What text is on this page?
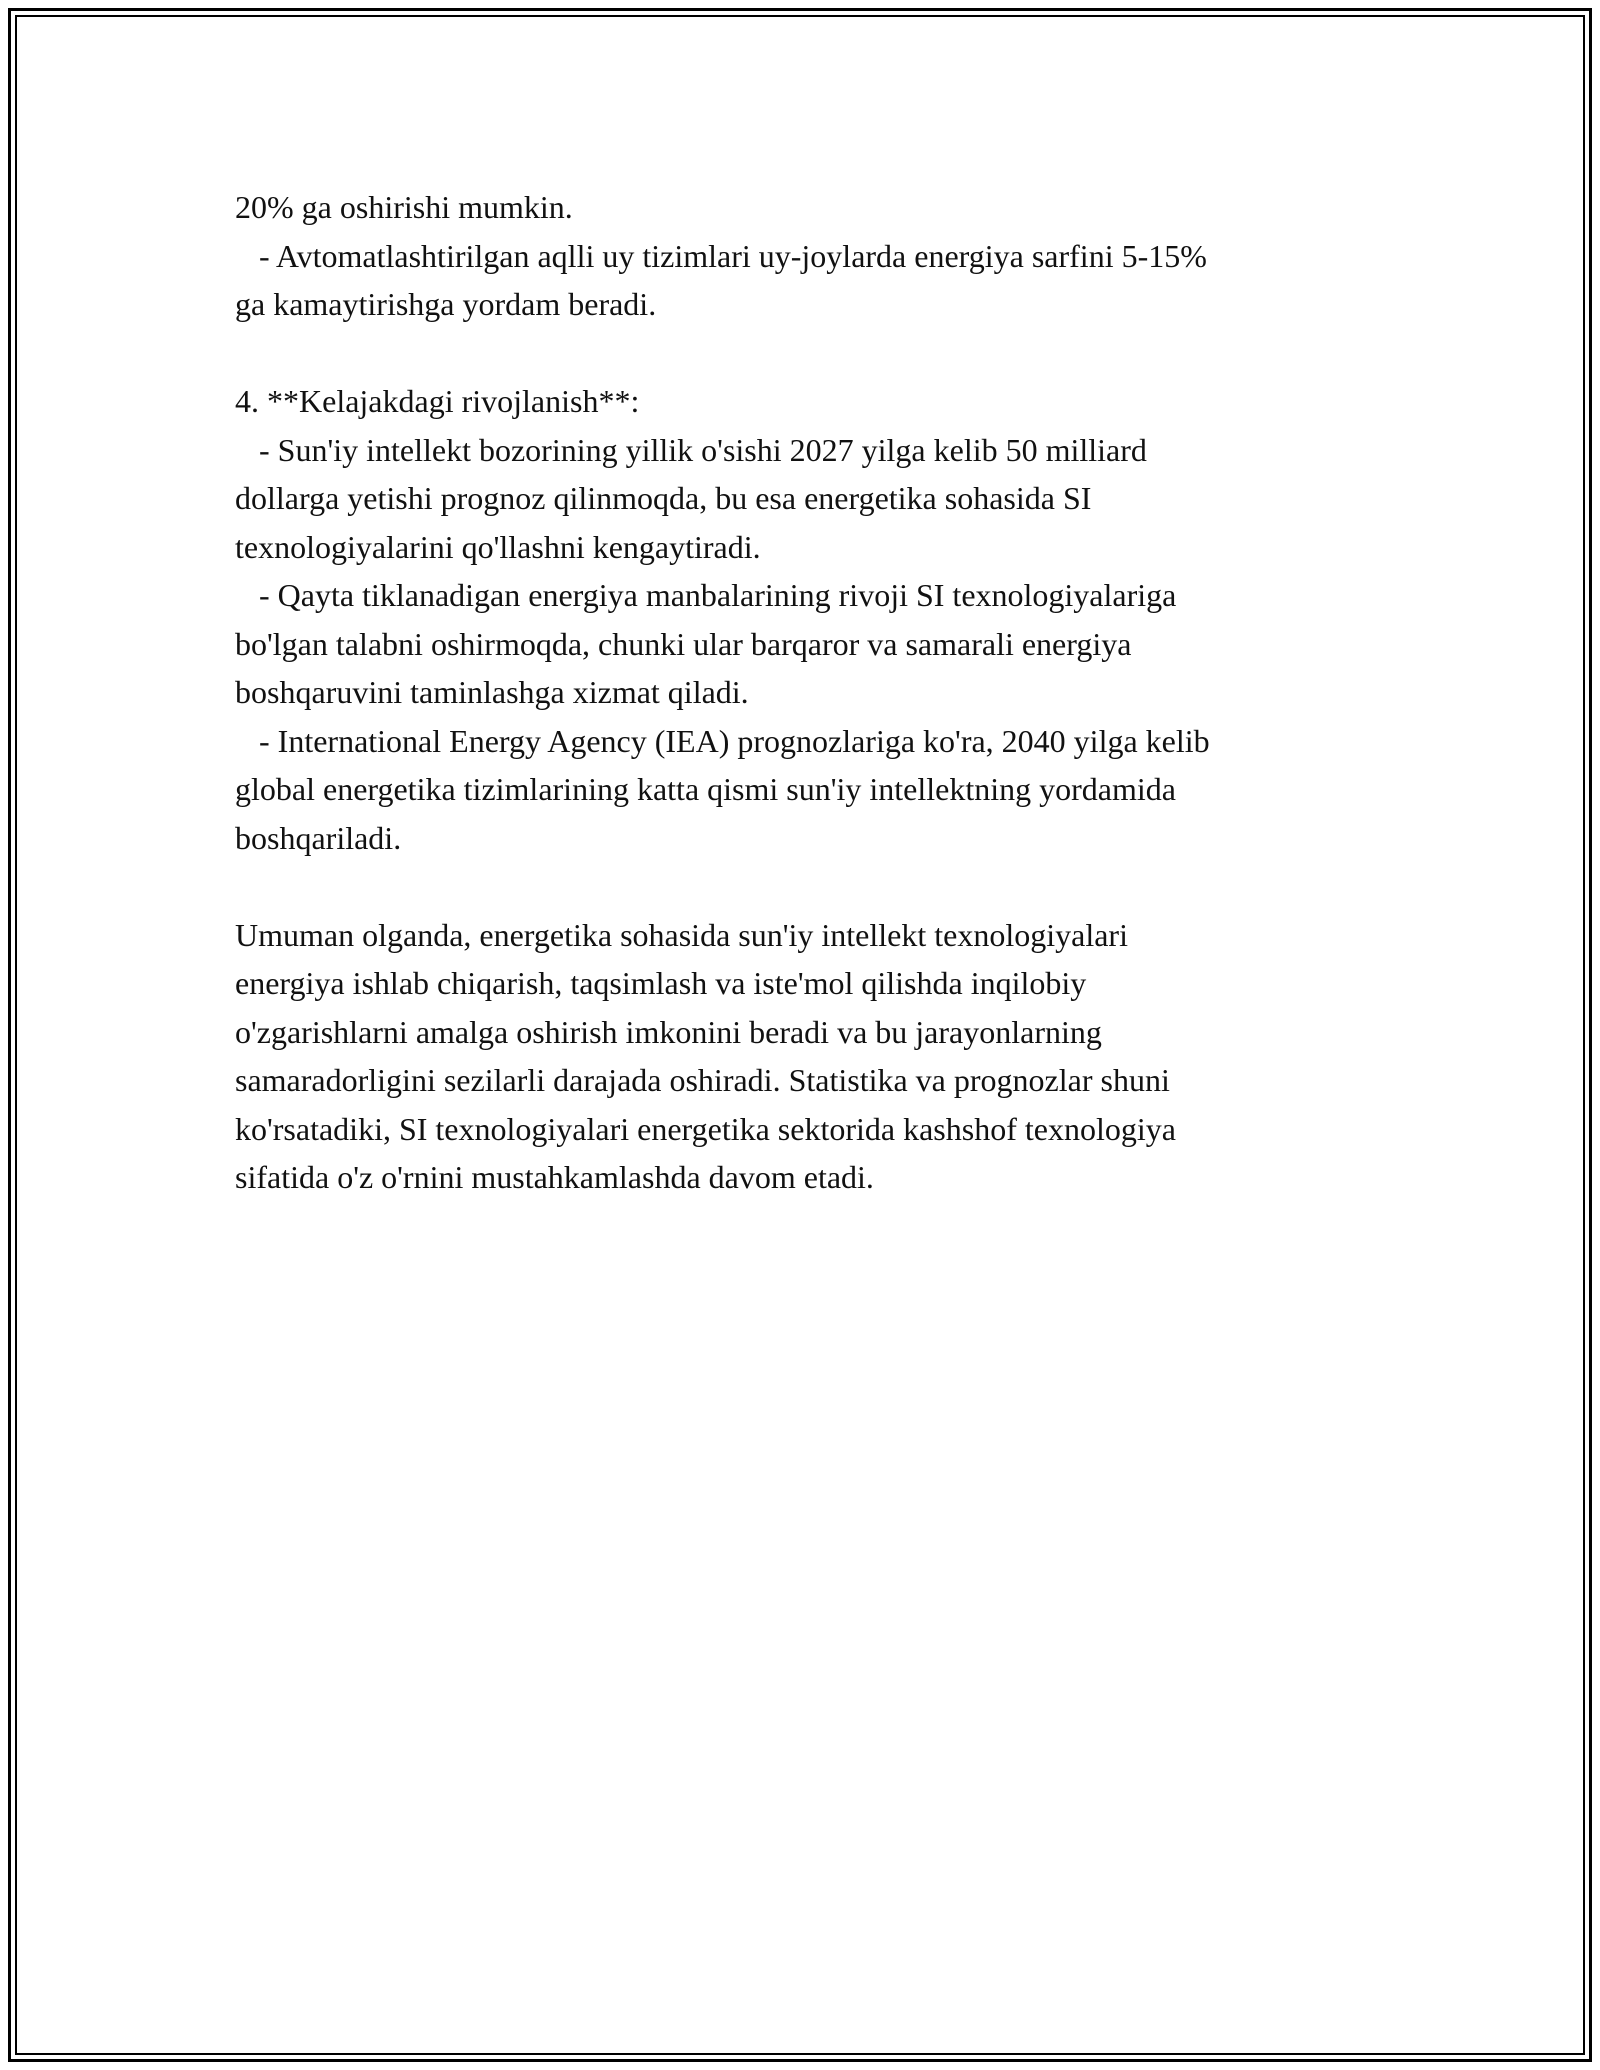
20% ga oshirishi mumkin.
- Avtomatlashtirilgan aqlli uy tizimlari uy-joylarda energiya sarfini 5-15%
ga kamaytirishga yordam beradi.
4. **Kelajakdagi rivojlanish**:
- Sun'iy intellekt bozorining yillik o'sishi 2027 yilga kelib 50 milliard
dollarga yetishi prognoz qilinmoqda, bu esa energetika sohasida SI
texnologiyalarini qo'llashni kengaytiradi.
- Qayta tiklanadigan energiya manbalarining rivoji SI texnologiyalariga
bo'lgan talabni oshirmoqda, chunki ular barqaror va samarali energiya
boshqaruvini taminlashga xizmat qiladi.
- International Energy Agency (IEA) prognozlariga ko'ra, 2040 yilga kelib
global energetika tizimlarining katta qismi sun'iy intellektning yordamida
boshqariladi.
Umuman olganda, energetika sohasida sun'iy intellekt texnologiyalari
energiya ishlab chiqarish, taqsimlash va iste'mol qilishda inqilobiy
o'zgarishlarni amalga oshirish imkonini beradi va bu jarayonlarning
samaradorligini sezilarli darajada oshiradi. Statistika va prognozlar shuni
ko'rsatadiki, SI texnologiyalari energetika sektorida kashshof texnologiya
sifatida o'z o'rnini mustahkamlashda davom etadi.
